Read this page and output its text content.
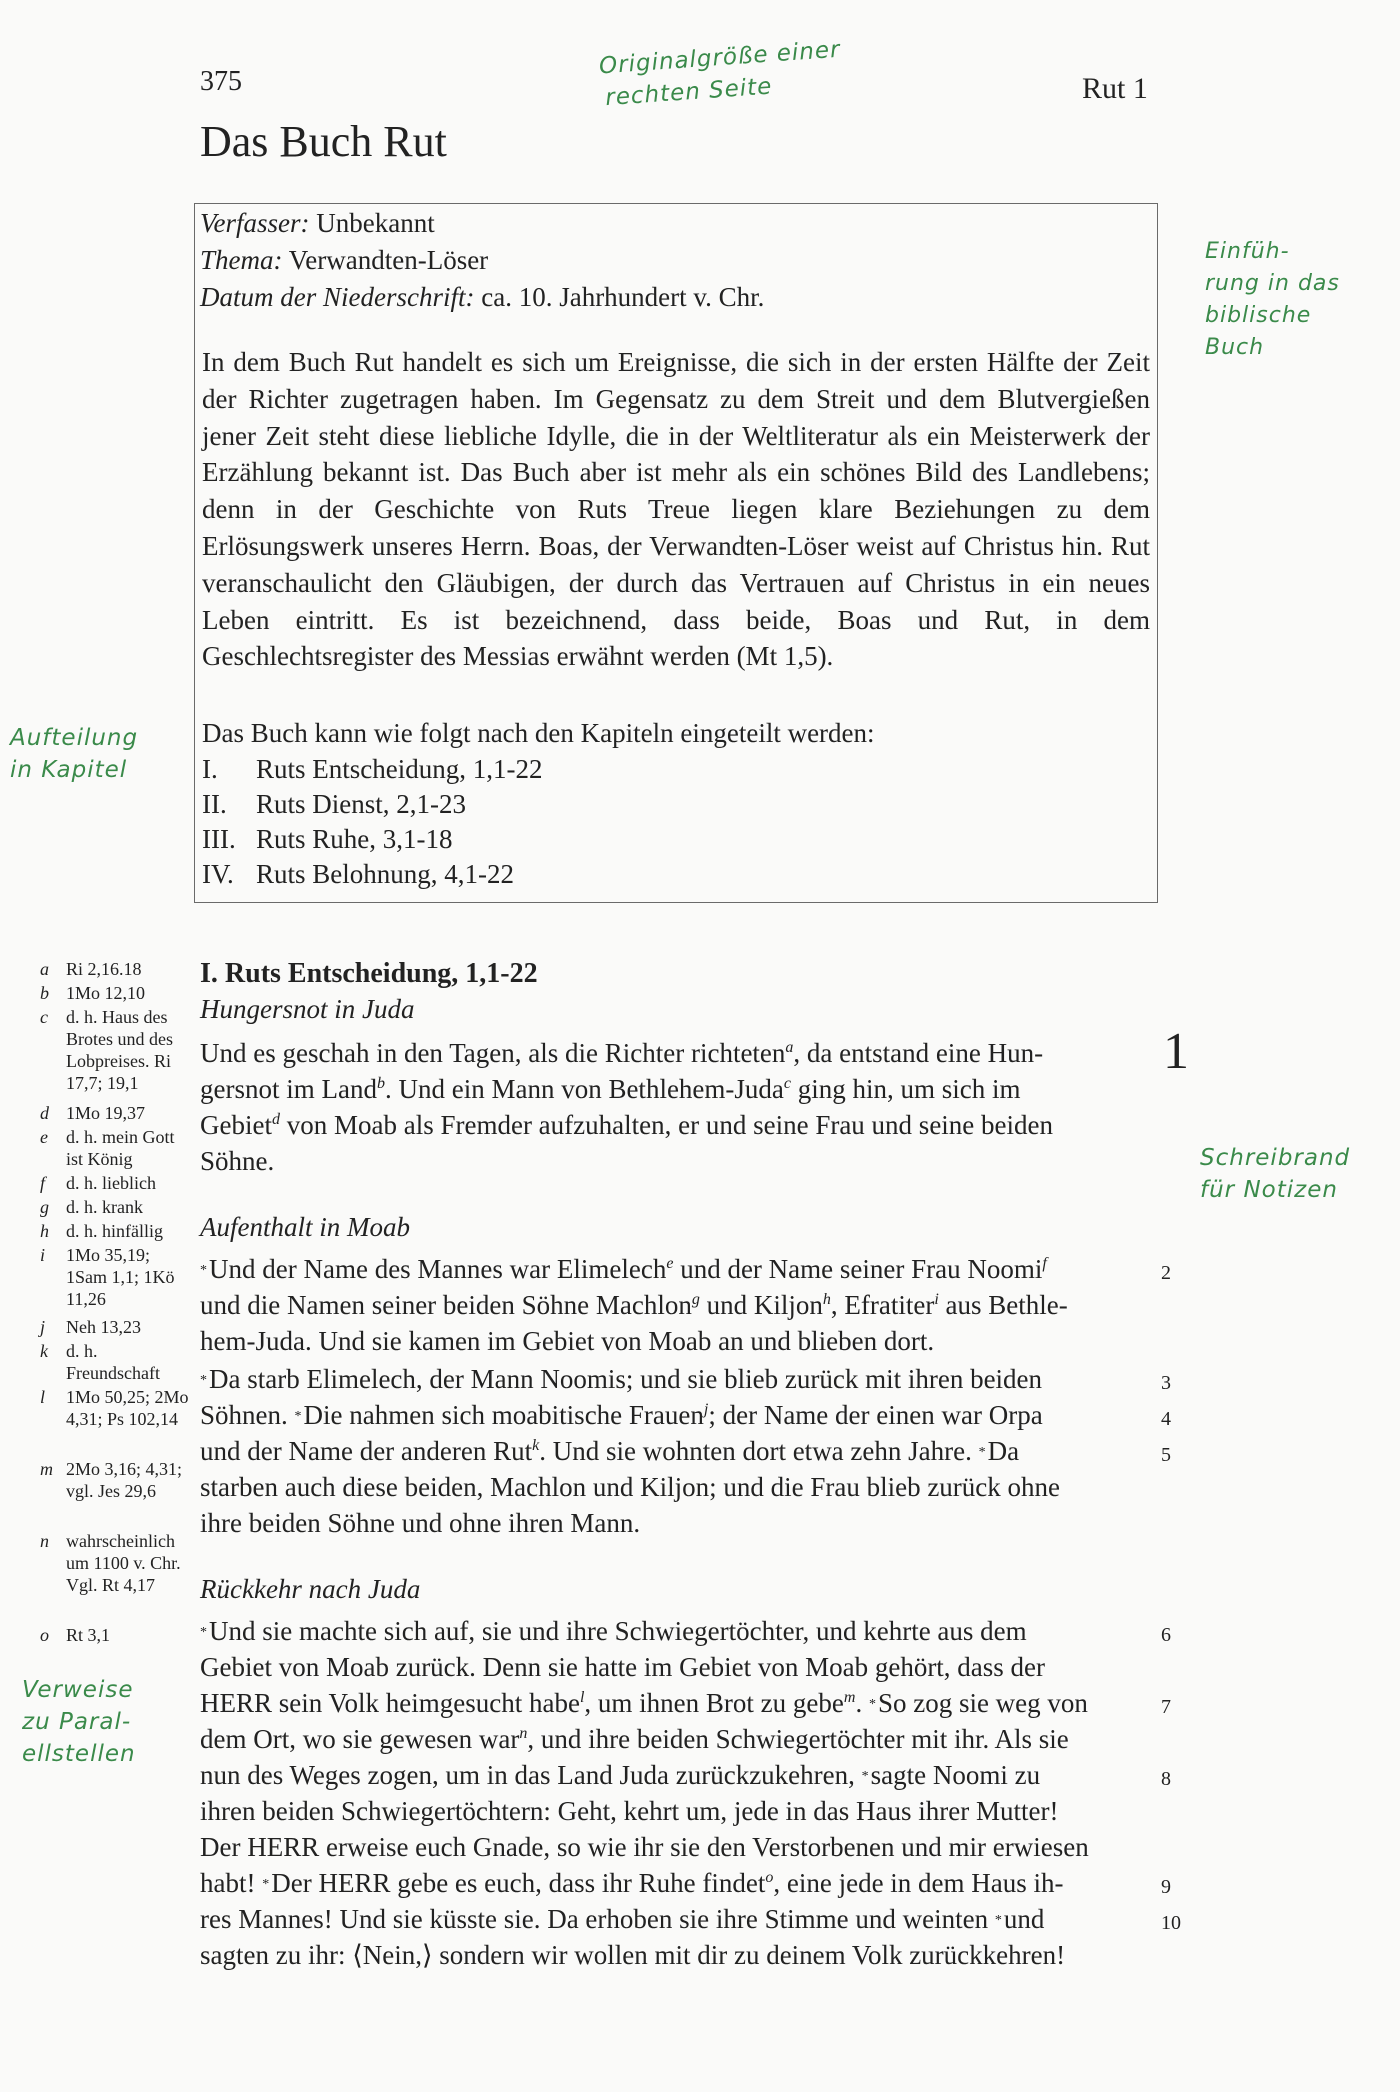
375	Rut 1
Das Buch Rut
Originalgröße einer
rechten Seite
Einfüh-
rung in das
biblische
Buch
Aufteilung
in Kapitel
Schreibrand
für Notizen
Verweise
zu Paral-
ellstellen
Verfasser: Unbekannt
Thema: Verwandten-Löser
Datum der Niederschrift: ca. 10. Jahrhundert v. Chr.

In dem Buch Rut handelt es sich um Ereignisse, die sich in der ersten Hälfte der Zeit der Richter zugetragen haben. Im Gegensatz zu dem Streit und dem Blutvergießen jener Zeit steht diese liebliche Idylle, die in der Weltliteratur als ein Meisterwerk der Erzählung bekannt ist. Das Buch aber ist mehr als ein schönes Bild des Landlebens; denn in der Geschichte von Ruts Treue liegen klare Beziehungen zu dem Erlösungswerk unseres Herrn. Boas, der Verwandten-Löser weist auf Christus hin. Rut veranschaulicht den Gläubigen, der durch das Vertrauen auf Christus in ein neues Leben eintritt. Es ist bezeichnend, dass beide, Boas und Rut, in dem Geschlechtsregister des Messias erwähnt werden (Mt 1,5).

Das Buch kann wie folgt nach den Kapiteln eingeteilt werden:
I. Ruts Entscheidung, 1,1-22
II. Ruts Dienst, 2,1-23
III. Ruts Ruhe, 3,1-18
IV. Ruts Belohnung, 4,1-22
a Ri 2,16.18
b 1Mo 12,10
c	d. h. Haus des Brotes und des Lobpreises. Ri 17,7; 19,1
d 1Mo 19,37
e	d. h. mein Gott ist König
f	d. h. lieblich
g d. h. krank
h d. h. hinfällig
i	1Mo 35,19; 1Sam 1,1; 1Kö 11,26
j	Neh 13,23
k	d. h. Freundschaft
l	1Mo 50,25; 2Mo 4,31; Ps 102,14
m 2Mo 3,16; 4,31; vgl. Jes 29,6
n wahrscheinlich um 1100 v. Chr. Vgl. Rt 4,17
o Rt 3,1
I. Ruts Entscheidung, 1,1-22
Hungersnot in Juda
1
Und es geschah in den Tagen, als die Richter richteten$^a$, da entstand eine Hun-
gersnot im Land$^b$. Und ein Mann von Bethlehem-Juda$^c$ ging hin, um sich im
Gebiet$^d$ von Moab als Fremder aufzuhalten, er und seine Frau und seine beiden
Söhne.
Aufenthalt in Moab
*Und der Name des Mannes war Elimelech$^e$ und der Name seiner Frau Noomi$^f$	2
und die Namen seiner beiden Söhne Machlon$^g$ und Kiljon$^h$, Efratiter$^i$ aus Bethle-
hem-Juda. Und sie kamen im Gebiet von Moab an und blieben dort.
*Da starb Elimelech, der Mann Noomis; und sie blieb zurück mit ihren beiden	3
Söhnen. *Die nahmen sich moabitische Frauen$^j$; der Name der einen war Orpa	4
und der Name der anderen Rut$^k$. Und sie wohnten dort etwa zehn Jahre. *Da	5
starben auch diese beiden, Machlon und Kiljon; und die Frau blieb zurück ohne
ihre beiden Söhne und ohne ihren Mann.
Rückkehr nach Juda
*Und sie machte sich auf, sie und ihre Schwiegertöchter, und kehrte aus dem	6
Gebiet von Moab zurück. Denn sie hatte im Gebiet von Moab gehört, dass der
HERR sein Volk heimgesucht habe$^l$, um ihnen Brot zu gebe$^m$. *So zog sie weg von	7
dem Ort, wo sie gewesen war$^n$, und ihre beiden Schwiegertöchter mit ihr. Als sie
nun des Weges zogen, um in das Land Juda zurückzukehren, *sagte Noomi zu	8
ihren beiden Schwiegertöchtern: Geht, kehrt um, jede in das Haus ihrer Mutter!
Der HERR erweise euch Gnade, so wie ihr sie den Verstorbenen und mir erwiesen
habt! *Der HERR gebe es euch, dass ihr Ruhe findet$^o$, eine jede in dem Haus ih-	9
res Mannes! Und sie küsste sie. Da erhoben sie ihre Stimme und weinten *und	10
sagten zu ihr: ⟨Nein,⟩ sondern wir wollen mit dir zu deinem Volk zurückkehren!
